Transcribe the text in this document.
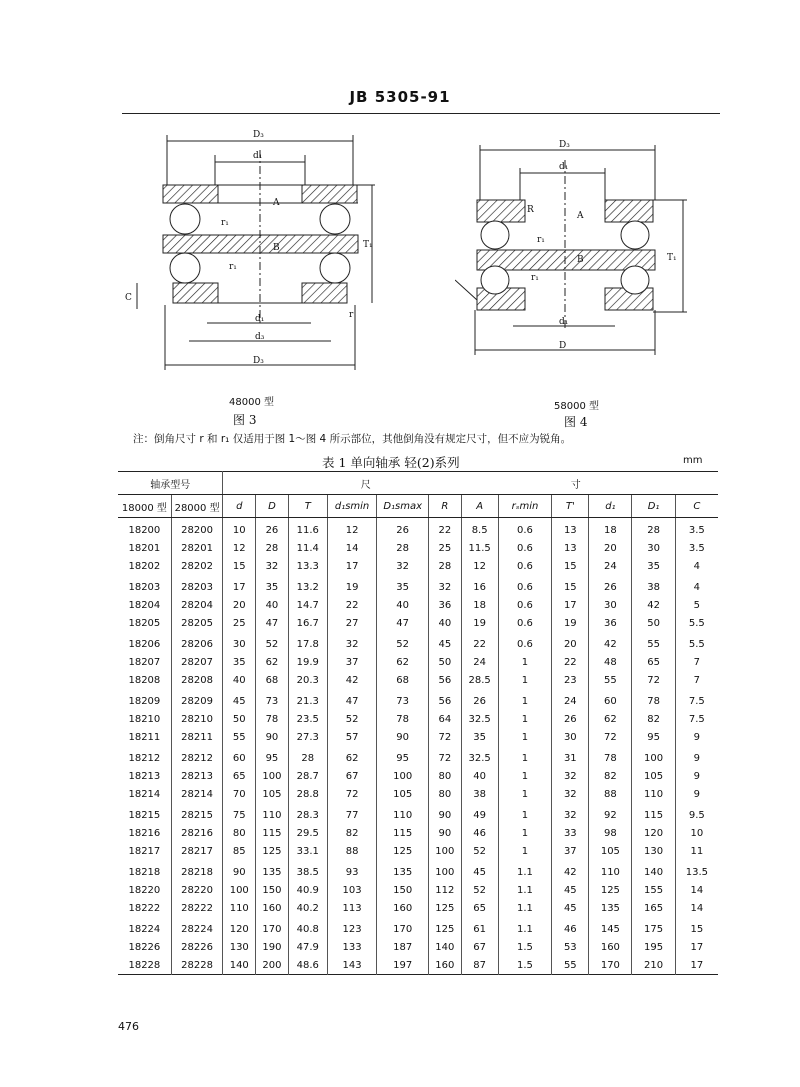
JB 5305-91
D₃
d₁
A
B	T₁
r₁
r₁
r
C
d₁
d₃
D₃
48000 型
图 3
D₃
d₁
A
B
R
T₁
r₁
r₁
d₁
D
58000 型
图 4
注：倒角尺寸 r 和 r₁ 仅适用于图 1～图 4 所示部位，其他倒角没有规定尺寸，但不应为锐角。
表 1 单向轴承 轻(2)系列	mm
轴承型号		尺 寸											
18000 型	28000 型	d	D	T	d₁smin	D₁smax	R	A	rₛmin	T'	d₁	D₁	C
18200	28200	10	26	11.6	12	26	22	8.5	0.6	13	18	28	3.5
18201	28201	12	28	11.4	14	28	25	11.5	0.6	13	20	30	3.5
18202	28202	15	32	13.3	17	32	28	12	0.6	15	24	35	4
18203	28203	17	35	13.2	19	35	32	16	0.6	15	26	38	4
18204	28204	20	40	14.7	22	40	36	18	0.6	17	30	42	5
18205	28205	25	47	16.7	27	47	40	19	0.6	19	36	50	5.5
18206	28206	30	52	17.8	32	52	45	22	0.6	20	42	55	5.5
18207	28207	35	62	19.9	37	62	50	24	1	22	48	65	7
18208	28208	40	68	20.3	42	68	56	28.5	1	23	55	72	7
18209	28209	45	73	21.3	47	73	56	26	1	24	60	78	7.5
18210	28210	50	78	23.5	52	78	64	32.5	1	26	62	82	7.5
18211	28211	55	90	27.3	57	90	72	35	1	30	72	95	9
18212	28212	60	95	28	62	95	72	32.5	1	31	78	100	9
18213	28213	65	100	28.7	67	100	80	40	1	32	82	105	9
18214	28214	70	105	28.8	72	105	80	38	1	32	88	110	9
18215	28215	75	110	28.3	77	110	90	49	1	32	92	115	9.5
18216	28216	80	115	29.5	82	115	90	46	1	33	98	120	10
18217	28217	85	125	33.1	88	125	100	52	1	37	105	130	11
18218	28218	90	135	38.5	93	135	100	45	1.1	42	110	140	13.5
18220	28220	100	150	40.9	103	150	112	52	1.1	45	125	155	14
18222	28222	110	160	40.2	113	160	125	65	1.1	45	135	165	14
18224	28224	120	170	40.8	123	170	125	61	1.1	46	145	175	15
18226	28226	130	190	47.9	133	187	140	67	1.5	53	160	195	17
18228	28228	140	200	48.6	143	197	160	87	1.5	55	170	210	17
476
